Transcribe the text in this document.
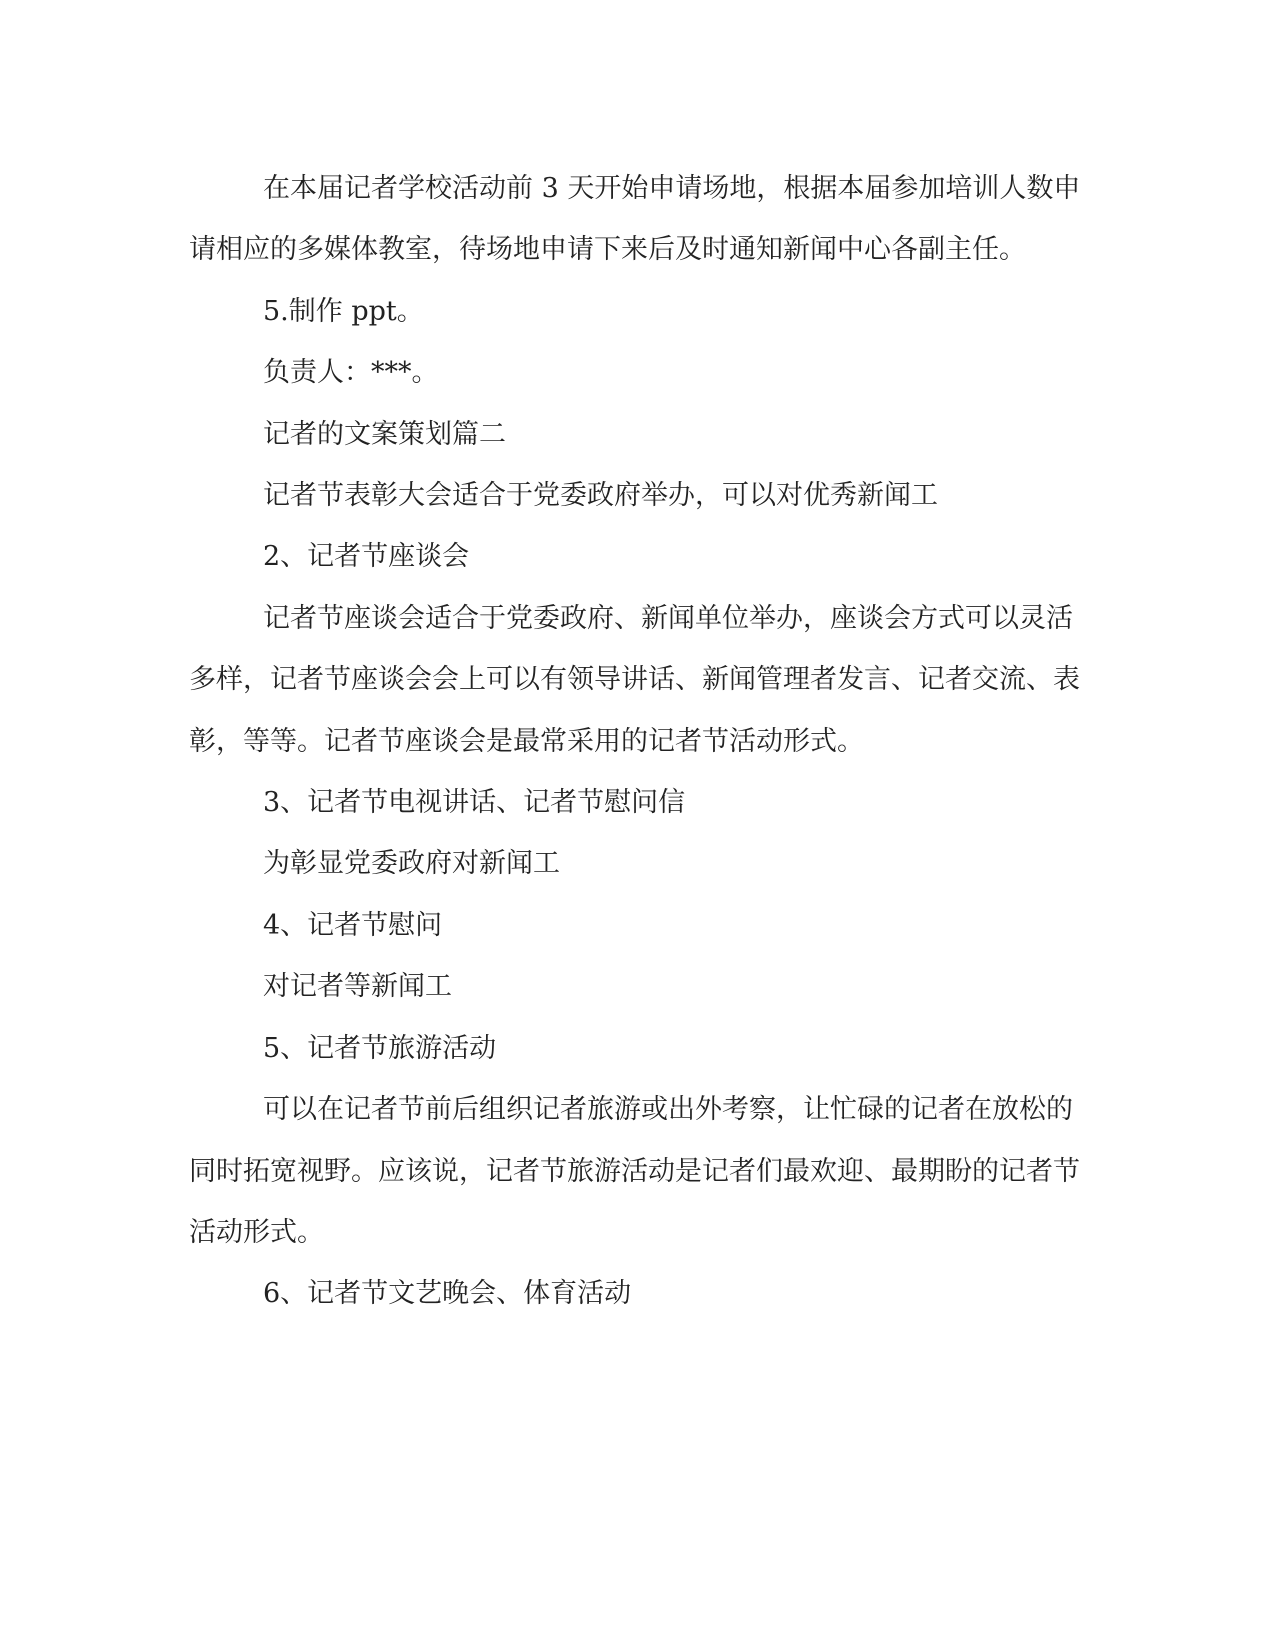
在本届记者学校活动前 3 天开始申请场地，根据本届参加培训人数申请相应的多媒体教室，待场地申请下来后及时通知新闻中心各副主任。

5.制作 ppt。

负责人：***。

记者的文案策划篇二

记者节表彰大会适合于党委政府举办，可以对优秀新闻工

2、记者节座谈会

记者节座谈会适合于党委政府、新闻单位举办，座谈会方式可以灵活多样，记者节座谈会会上可以有领导讲话、新闻管理者发言、记者交流、表彰，等等。记者节座谈会是最常采用的记者节活动形式。

3、记者节电视讲话、记者节慰问信

为彰显党委政府对新闻工

4、记者节慰问

对记者等新闻工

5、记者节旅游活动

可以在记者节前后组织记者旅游或出外考察，让忙碌的记者在放松的同时拓宽视野。应该说，记者节旅游活动是记者们最欢迎、最期盼的记者节活动形式。

6、记者节文艺晚会、体育活动
